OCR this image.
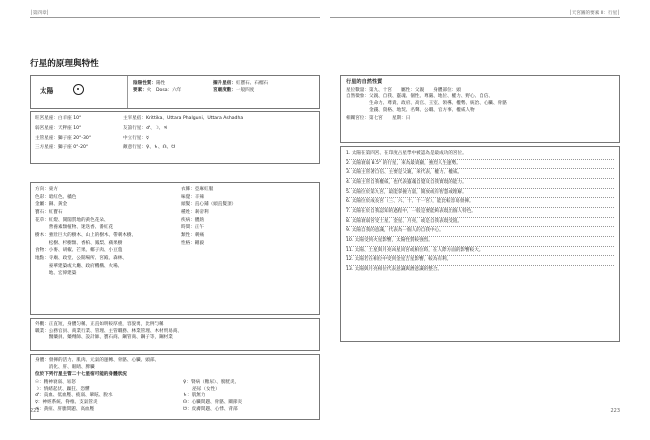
│第四章│	│天宮圖的要素 II：行星│
行星的原理與特性
太陽
陰陽性質：陽性
要素：火　Dosa：六年
擢升星宿：紅寶石、石榴石
宮廟度數：一般四度
旺宮星座：白羊座 10°	主宰星宿：Krittika、Uttara Phalguni、Uttara Ashadha
弱宮星座：天秤座 10°	友誼行星：♂、☽、♃
主管星座：獅子座 20°-30°	中立行星：☿
三方星座：獅子座 0°-20°	敵意行星：♀、♄、☊、☋
方向：東方
色彩：暗紅色、橘色
金屬：銅、黃金
寶石：紅寶石
花草：紅燈、開闊質地的黃色花朵、
　　　營養素類植物、迷迭香、番紅花
樹木：強壯巨大的樹木、山上的樹木、帶刺木樹、
　　　松樹、杉樹類、香柏、鳳梨、蘋果樹
食物：小麥、胡椒、芒果、椰子肉、小豆蔻
地點：寺廟、政堂、公開場所、宮殿、森林、
　　　豪華建築或大廳、政府機構、火場、
　　　地、宏偉建築
衣飾：亞麻紅服
味覺：辛辣
頭髮：直心鋪（頭直髮頂）
種姓：剎帝利
疾病：體熱
時間：正午
類性：刺痛
性格：剛毅
外觀：正直短，身體匀稱，正直如明較厚重，容貌勇，比例勻稱
職業：公務官員、商業行業、管理、主管職務、林業管理、木材貿易商、
　　　醫藥員、藥劑師、設計師、寶石商、鋼管商、鋼子等，鋼材業
身體：發揮的活力、肌肉、元氣的運轉、骨骼、心臟、頭部、
　　　消化、肝、眼睛、脾臟
位於下列行星主管二十七星宿可能的身體狀況
☉：精神衰弱、易怒
☽：情緒起伏、躁狂、恐懼
♂：貧血、低血壓、疲弱、暈眩、脫水
☿：神經系統、脊椎、支氣管炎
♃：黃疸、肝膽問題、高血壓
♀：腎病（糖尿）、膀胱炎、
　　泌尿（女性）
♄：肌無力
☊：心臟問題、骨骼、關節炎
☋：皮膚問題、心悸、背部
行星的自然性質
星位數量：第九、十宮　　屬性：父親　　身體部位：頭
自然徵象：父親、自我、靈魂、個性、尊嚴、地位、權力、野心、自信、
　　　　　生命力、尊貴、政府、高官、王室、領導、權勢、統治、心臟、骨骼
　　　　　金錢、資格、地契、名聲、公職、官方事、權威人物
相關宮位：第七宮　　星期：日
1. 太陽在第四宮、在印度占星學中被認為是最成功的宮位。
2. 太陽衰弱 8.5° 的行星，來為最貴顯，強烈人生運勢。
3. 太陽主管著自信、主要是父親，來代表，權力、權威。
4. 太陽主管自我權威，也代表靈魂自覺及自我實現的能力。
5. 太陽位於第九宮，最能掌握力量，開放或有智慧或理解。
6. 太陽位於成長宮（三、六、十、十一宮），能比較容易發揮。
7. 太陽在於自我認知的過程中，一般是要能夠表現出個人特色。
8. 太陽衰弱宮受土星、金星、月亮，或是自我表現受阻。
9. 太陽自我的意識，代表為一個人的自我中心。
10. 太陽受到火星影響，太陽性質較強烈。
11. 太陽、土星與月亮凶星同宮或相位時，在人際方面的影響較大。
12. 太陽若在相位中受到金星吉星影響，較為有利。
13. 太陽與月亮相位代表意識與潛意識的整合。
222	223
